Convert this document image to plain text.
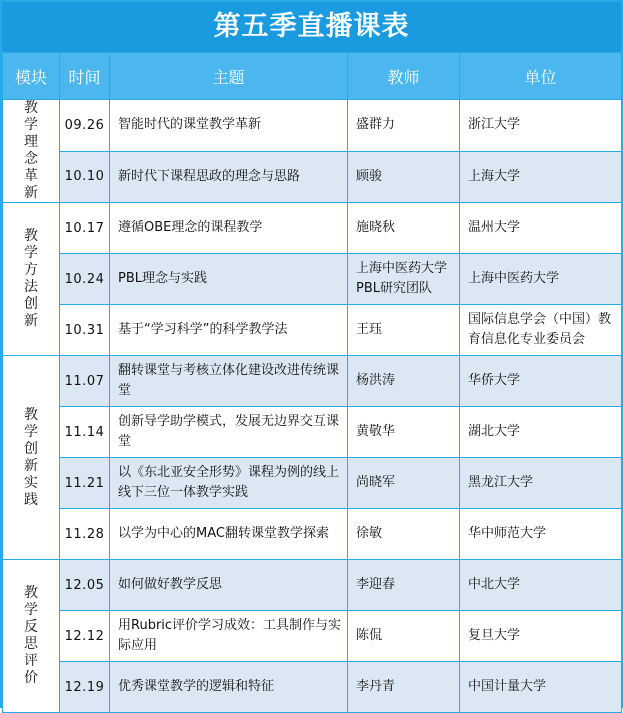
第五季直播课表
模块	时间	主题	教师	单位
教学理念革新	09.26	智能时代的课堂教学革新	盛群力	浙江大学
	10.10	新时代下课程思政的理念与思路	顾骏	上海大学
教学方法创新	10.17	遵循OBE理念的课程教学	施晓秋	温州大学
	10.24	PBL理念与实践	上海中医药大学PBL研究团队	上海中医药大学
	10.31	基于“学习科学”的科学教学法	王珏	国际信息学会（中国）教育信息化专业委员会
教学创新实践	11.07	翻转课堂与考核立体化建设改进传统课堂	杨洪涛	华侨大学
	11.14	创新导学助学模式，发展无边界交互课堂	黄敬华	湖北大学
	11.21	以《东北亚安全形势》课程为例的线上线下三位一体教学实践	尚晓军	黑龙江大学
	11.28	以学为中心的MAC翻转课堂教学探索	徐敏	华中师范大学
教学反思评价	12.05	如何做好教学反思	李迎春	中北大学
	12.12	用Rubric评价学习成效：工具制作与实际应用	陈侃	复旦大学
	12.19	优秀课堂教学的逻辑和特征	李丹青	中国计量大学
